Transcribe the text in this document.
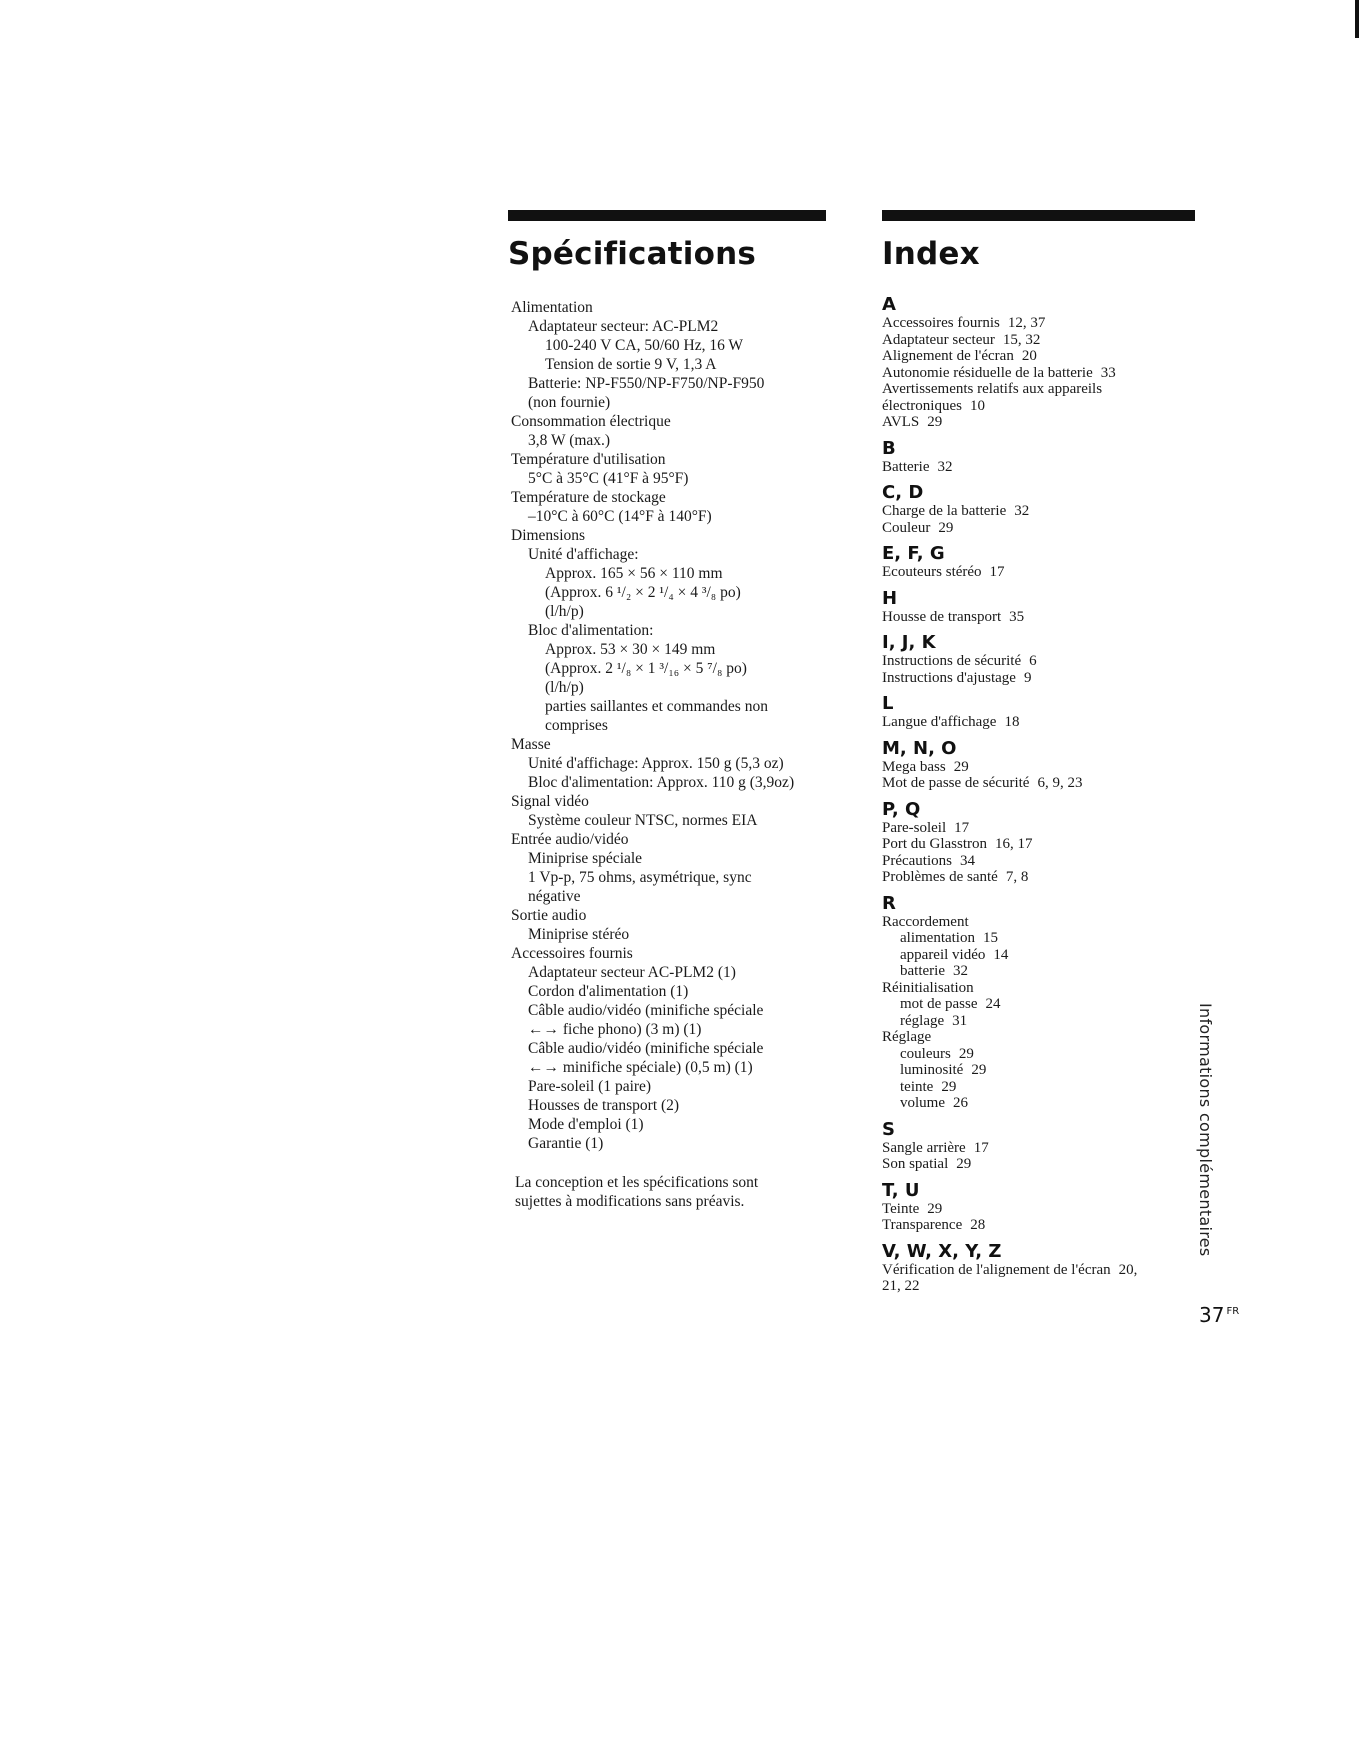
Spécifications
Alimentation
Adaptateur secteur: AC-PLM2
100-240 V CA, 50/60 Hz, 16 W
Tension de sortie 9 V, 1,3 A
Batterie: NP-F550/NP-F750/NP-F950
(non fournie)
Consommation électrique
3,8 W (max.)
Température d'utilisation
5°C à 35°C (41°F à 95°F)
Température de stockage
–10°C à 60°C (14°F à 140°F)
Dimensions
Unité d'affichage:
Approx. 165 × 56 × 110 mm
(Approx. 6 ¹/₂ × 2 ¹/₄ × 4 ³/₈ po)
(l/h/p)
Bloc d'alimentation:
Approx. 53 × 30 × 149 mm
(Approx. 2 ¹/₈ × 1 ³/₁₆ × 5 ⁷/₈ po)
(l/h/p)
parties saillantes et commandes non
comprises
Masse
Unité d'affichage: Approx. 150 g (5,3 oz)
Bloc d'alimentation: Approx. 110 g (3,9oz)
Signal vidéo
Système couleur NTSC, normes EIA
Entrée audio/vidéo
Miniprise spéciale
1 Vp-p, 75 ohms, asymétrique, sync
négative
Sortie audio
Miniprise stéréo
Accessoires fournis
Adaptateur secteur AC-PLM2 (1)
Cordon d'alimentation (1)
Câble audio/vidéo (minifiche spéciale
←→ fiche phono) (3 m) (1)
Câble audio/vidéo (minifiche spéciale
←→ minifiche spéciale) (0,5 m) (1)
Pare-soleil (1 paire)
Housses de transport (2)
Mode d'emploi (1)
Garantie (1)
La conception et les spécifications sont
sujettes à modifications sans préavis.
Index
A
Accessoires fournis 12, 37
Adaptateur secteur 15, 32
Alignement de l'écran 20
Autonomie résiduelle de la batterie 33
Avertissements relatifs aux appareils
électroniques 10
AVLS 29
B
Batterie 32
C, D
Charge de la batterie 32
Couleur 29
E, F, G
Ecouteurs stéréo 17
H
Housse de transport 35
I, J, K
Instructions de sécurité 6
Instructions d'ajustage 9
L
Langue d'affichage 18
M, N, O
Mega bass 29
Mot de passe de sécurité 6, 9, 23
P, Q
Pare-soleil 17
Port du Glasstron 16, 17
Précautions 34
Problèmes de santé 7, 8
R
Raccordement
alimentation 15
appareil vidéo 14
batterie 32
Réinitialisation
mot de passe 24
réglage 31
Réglage
couleurs 29
luminosité 29
teinte 29
volume 26
S
Sangle arrière 17
Son spatial 29
T, U
Teinte 29
Transparence 28
V, W, X, Y, Z
Vérification de l'alignement de l'écran 20,
21, 22
Informations complémentaires
37 $^{FR}$
